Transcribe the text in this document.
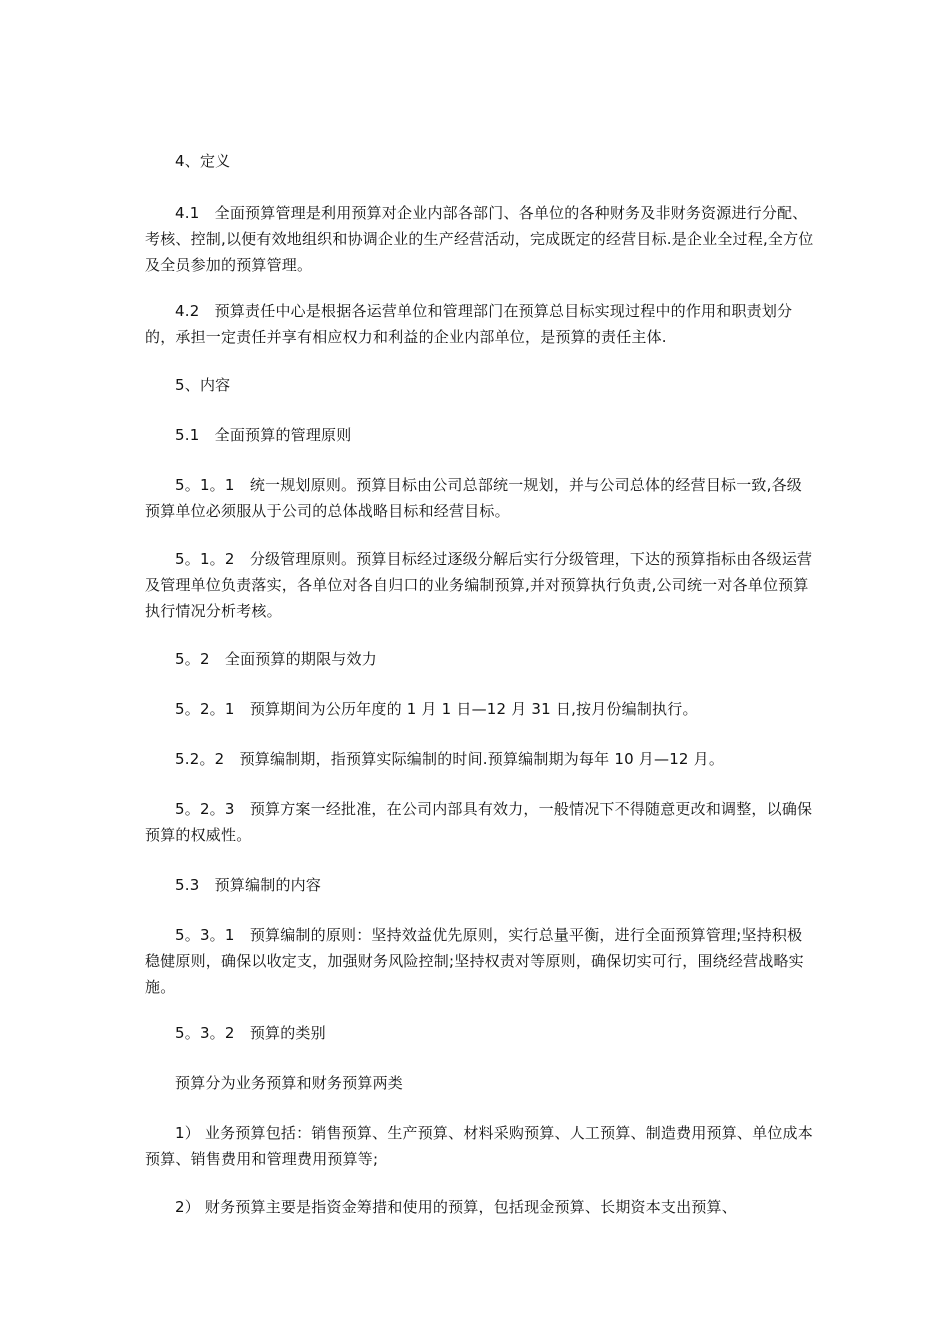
4、定义

4.1　全面预算管理是利用预算对企业内部各部门、各单位的各种财务及非财务资源进行分配、考核、控制,以便有效地组织和协调企业的生产经营活动，完成既定的经营目标.是企业全过程,全方位及全员参加的预算管理。

4.2　预算责任中心是根据各运营单位和管理部门在预算总目标实现过程中的作用和职责划分的，承担一定责任并享有相应权力和利益的企业内部单位，是预算的责任主体.

5、内容

5.1　全面预算的管理原则

5。1。1　统一规划原则。预算目标由公司总部统一规划，并与公司总体的经营目标一致,各级预算单位必须服从于公司的总体战略目标和经营目标。

5。1。2　分级管理原则。预算目标经过逐级分解后实行分级管理，下达的预算指标由各级运营及管理单位负责落实，各单位对各自归口的业务编制预算,并对预算执行负责,公司统一对各单位预算执行情况分析考核。

5。2　全面预算的期限与效力

5。2。1　预算期间为公历年度的 1 月 1 日—12 月 31 日,按月份编制执行。

5.2。2　预算编制期，指预算实际编制的时间.预算编制期为每年 10 月—12 月。

5。2。3　预算方案一经批准，在公司内部具有效力，一般情况下不得随意更改和调整，以确保预算的权威性。

5.3　预算编制的内容

5。3。1　预算编制的原则：坚持效益优先原则，实行总量平衡，进行全面预算管理;坚持积极稳健原则，确保以收定支，加强财务风险控制;坚持权责对等原则，确保切实可行，围绕经营战略实施。

5。3。2　预算的类别

预算分为业务预算和财务预算两类

1） 业务预算包括：销售预算、生产预算、材料采购预算、人工预算、制造费用预算、单位成本预算、销售费用和管理费用预算等;

2） 财务预算主要是指资金筹措和使用的预算，包括现金预算、长期资本支出预算、
